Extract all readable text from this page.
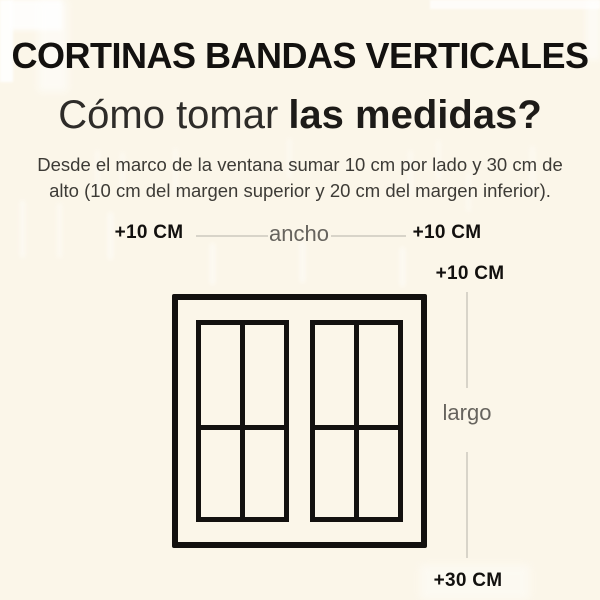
CORTINAS BANDAS VERTICALES
Cómo tomar las medidas?
Desde el marco de la ventana sumar 10 cm por lado y 30 cm de
alto (10 cm del margen superior y 20 cm del margen inferior).
+10 CM	ancho	+10 CM
+10 CM
largo
+30 CM
